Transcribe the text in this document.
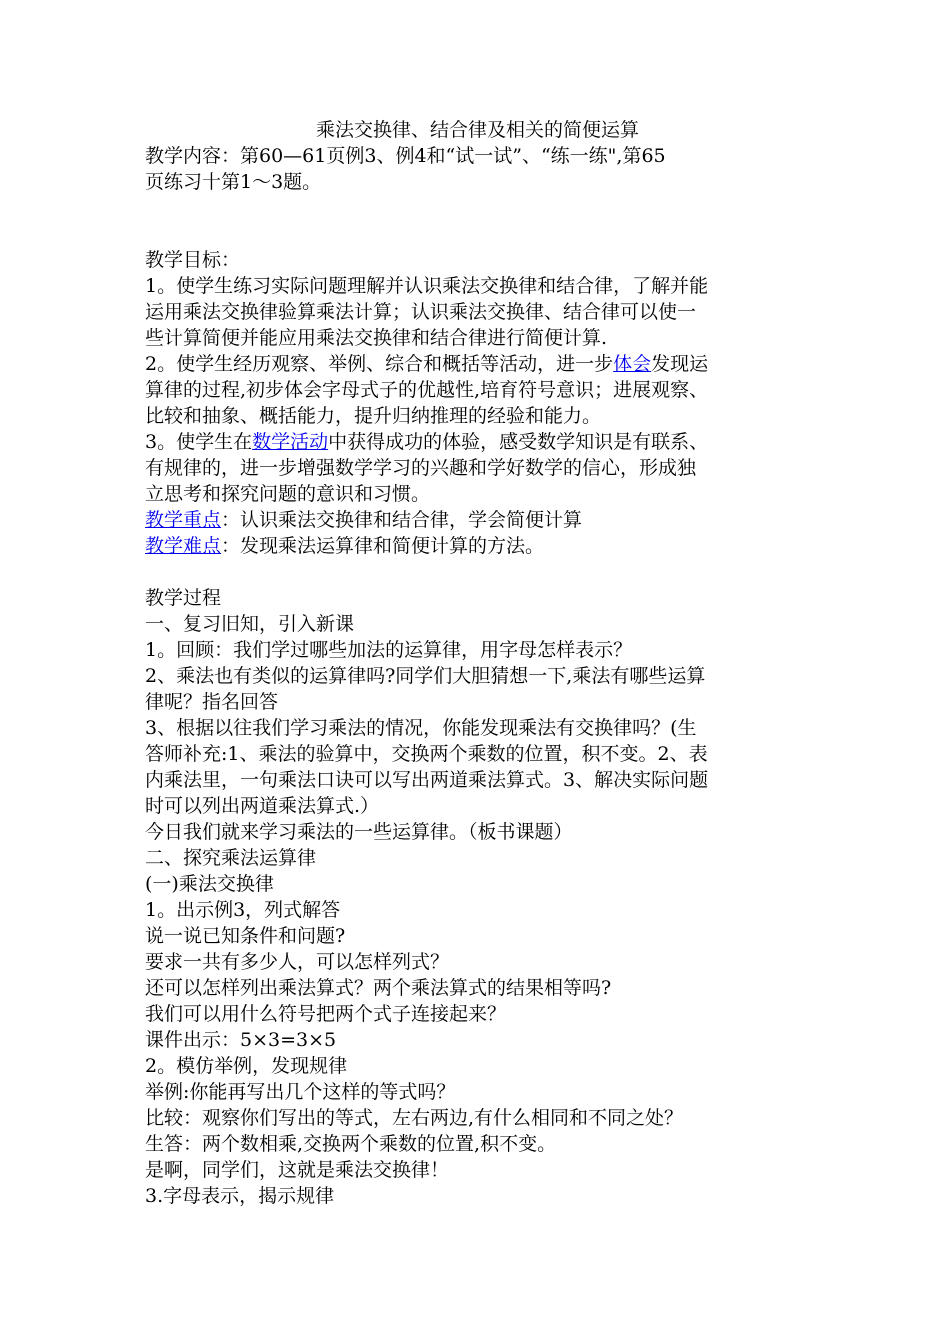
乘法交换律、结合律及相关的简便运算
教学内容：第60—61页例3、例4和“试一试”、“练一练",第65
页练习十第1～3题。
教学目标：
1。使学生练习实际问题理解并认识乘法交换律和结合律，了解并能
运用乘法交换律验算乘法计算；认识乘法交换律、结合律可以使一
些计算简便并能应用乘法交换律和结合律进行简便计算.
2。使学生经历观察、举例、综合和概括等活动，进一步体会发现运
算律的过程,初步体会字母式子的优越性,培育符号意识；进展观察、
比较和抽象、概括能力，提升归纳推理的经验和能力。
3。使学生在数学活动中获得成功的体验，感受数学知识是有联系、
有规律的，进一步增强数学学习的兴趣和学好数学的信心，形成独
立思考和探究问题的意识和习惯。
教学重点：认识乘法交换律和结合律，学会简便计算
教学难点：发现乘法运算律和简便计算的方法。
教学过程
一、复习旧知，引入新课
1。回顾：我们学过哪些加法的运算律，用字母怎样表示？
2、乘法也有类似的运算律吗?同学们大胆猜想一下,乘法有哪些运算
律呢？指名回答
3、根据以往我们学习乘法的情况，你能发现乘法有交换律吗？(生
答师补充:1、乘法的验算中，交换两个乘数的位置，积不变。2、表
内乘法里，一句乘法口诀可以写出两道乘法算式。3、解决实际问题
时可以列出两道乘法算式.）
今日我们就来学习乘法的一些运算律。（板书课题）
二、探究乘法运算律
(一)乘法交换律
1。出示例3，列式解答
说一说已知条件和问题?
要求一共有多少人，可以怎样列式？
还可以怎样列出乘法算式？两个乘法算式的结果相等吗?
我们可以用什么符号把两个式子连接起来？
课件出示：5×3=3×5
2。模仿举例，发现规律
举例:你能再写出几个这样的等式吗？
比较：观察你们写出的等式，左右两边,有什么相同和不同之处？
生答：两个数相乘,交换两个乘数的位置,积不变。
是啊，同学们，这就是乘法交换律！
3.字母表示，揭示规律
